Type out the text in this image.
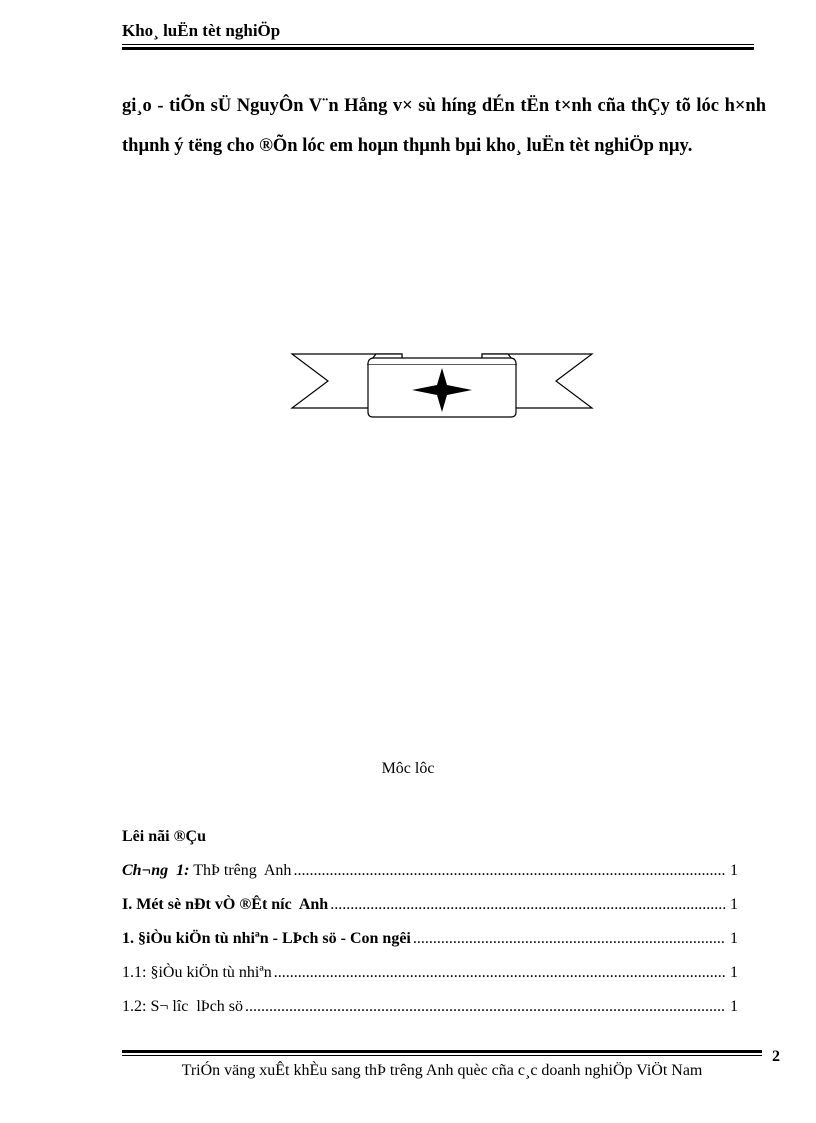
Kho¸ luËn tèt nghiÖp
gi¸o - tiÕn sÜ NguyÔn V¨n Hång v× sù híng dÉn tËn t×nh cña thÇy tõ lóc h×nh thµnh ý tëng cho ®Õn lóc em hoµn thµnh bµi kho¸ luËn tèt nghiÖp nµy.
Môc lôc
Lêi nãi ®Çu
Ch¬ng  1: ThÞ trêng  Anh .....	1
I. Mét sè nÐt vÒ ®Êt níc  Anh .....	1
1. §iÒu kiÖn tù nhiªn - LÞch sö - Con ngêi .....	1
1.1: §iÒu kiÖn tù nhiªn .....	1
1.2: S¬ lîc  lÞch sö .....	1
TriÓn väng xuÊt khÈu sang thÞ trêng Anh quèc cña c¸c doanh nghiÖp ViÖt Nam
2
